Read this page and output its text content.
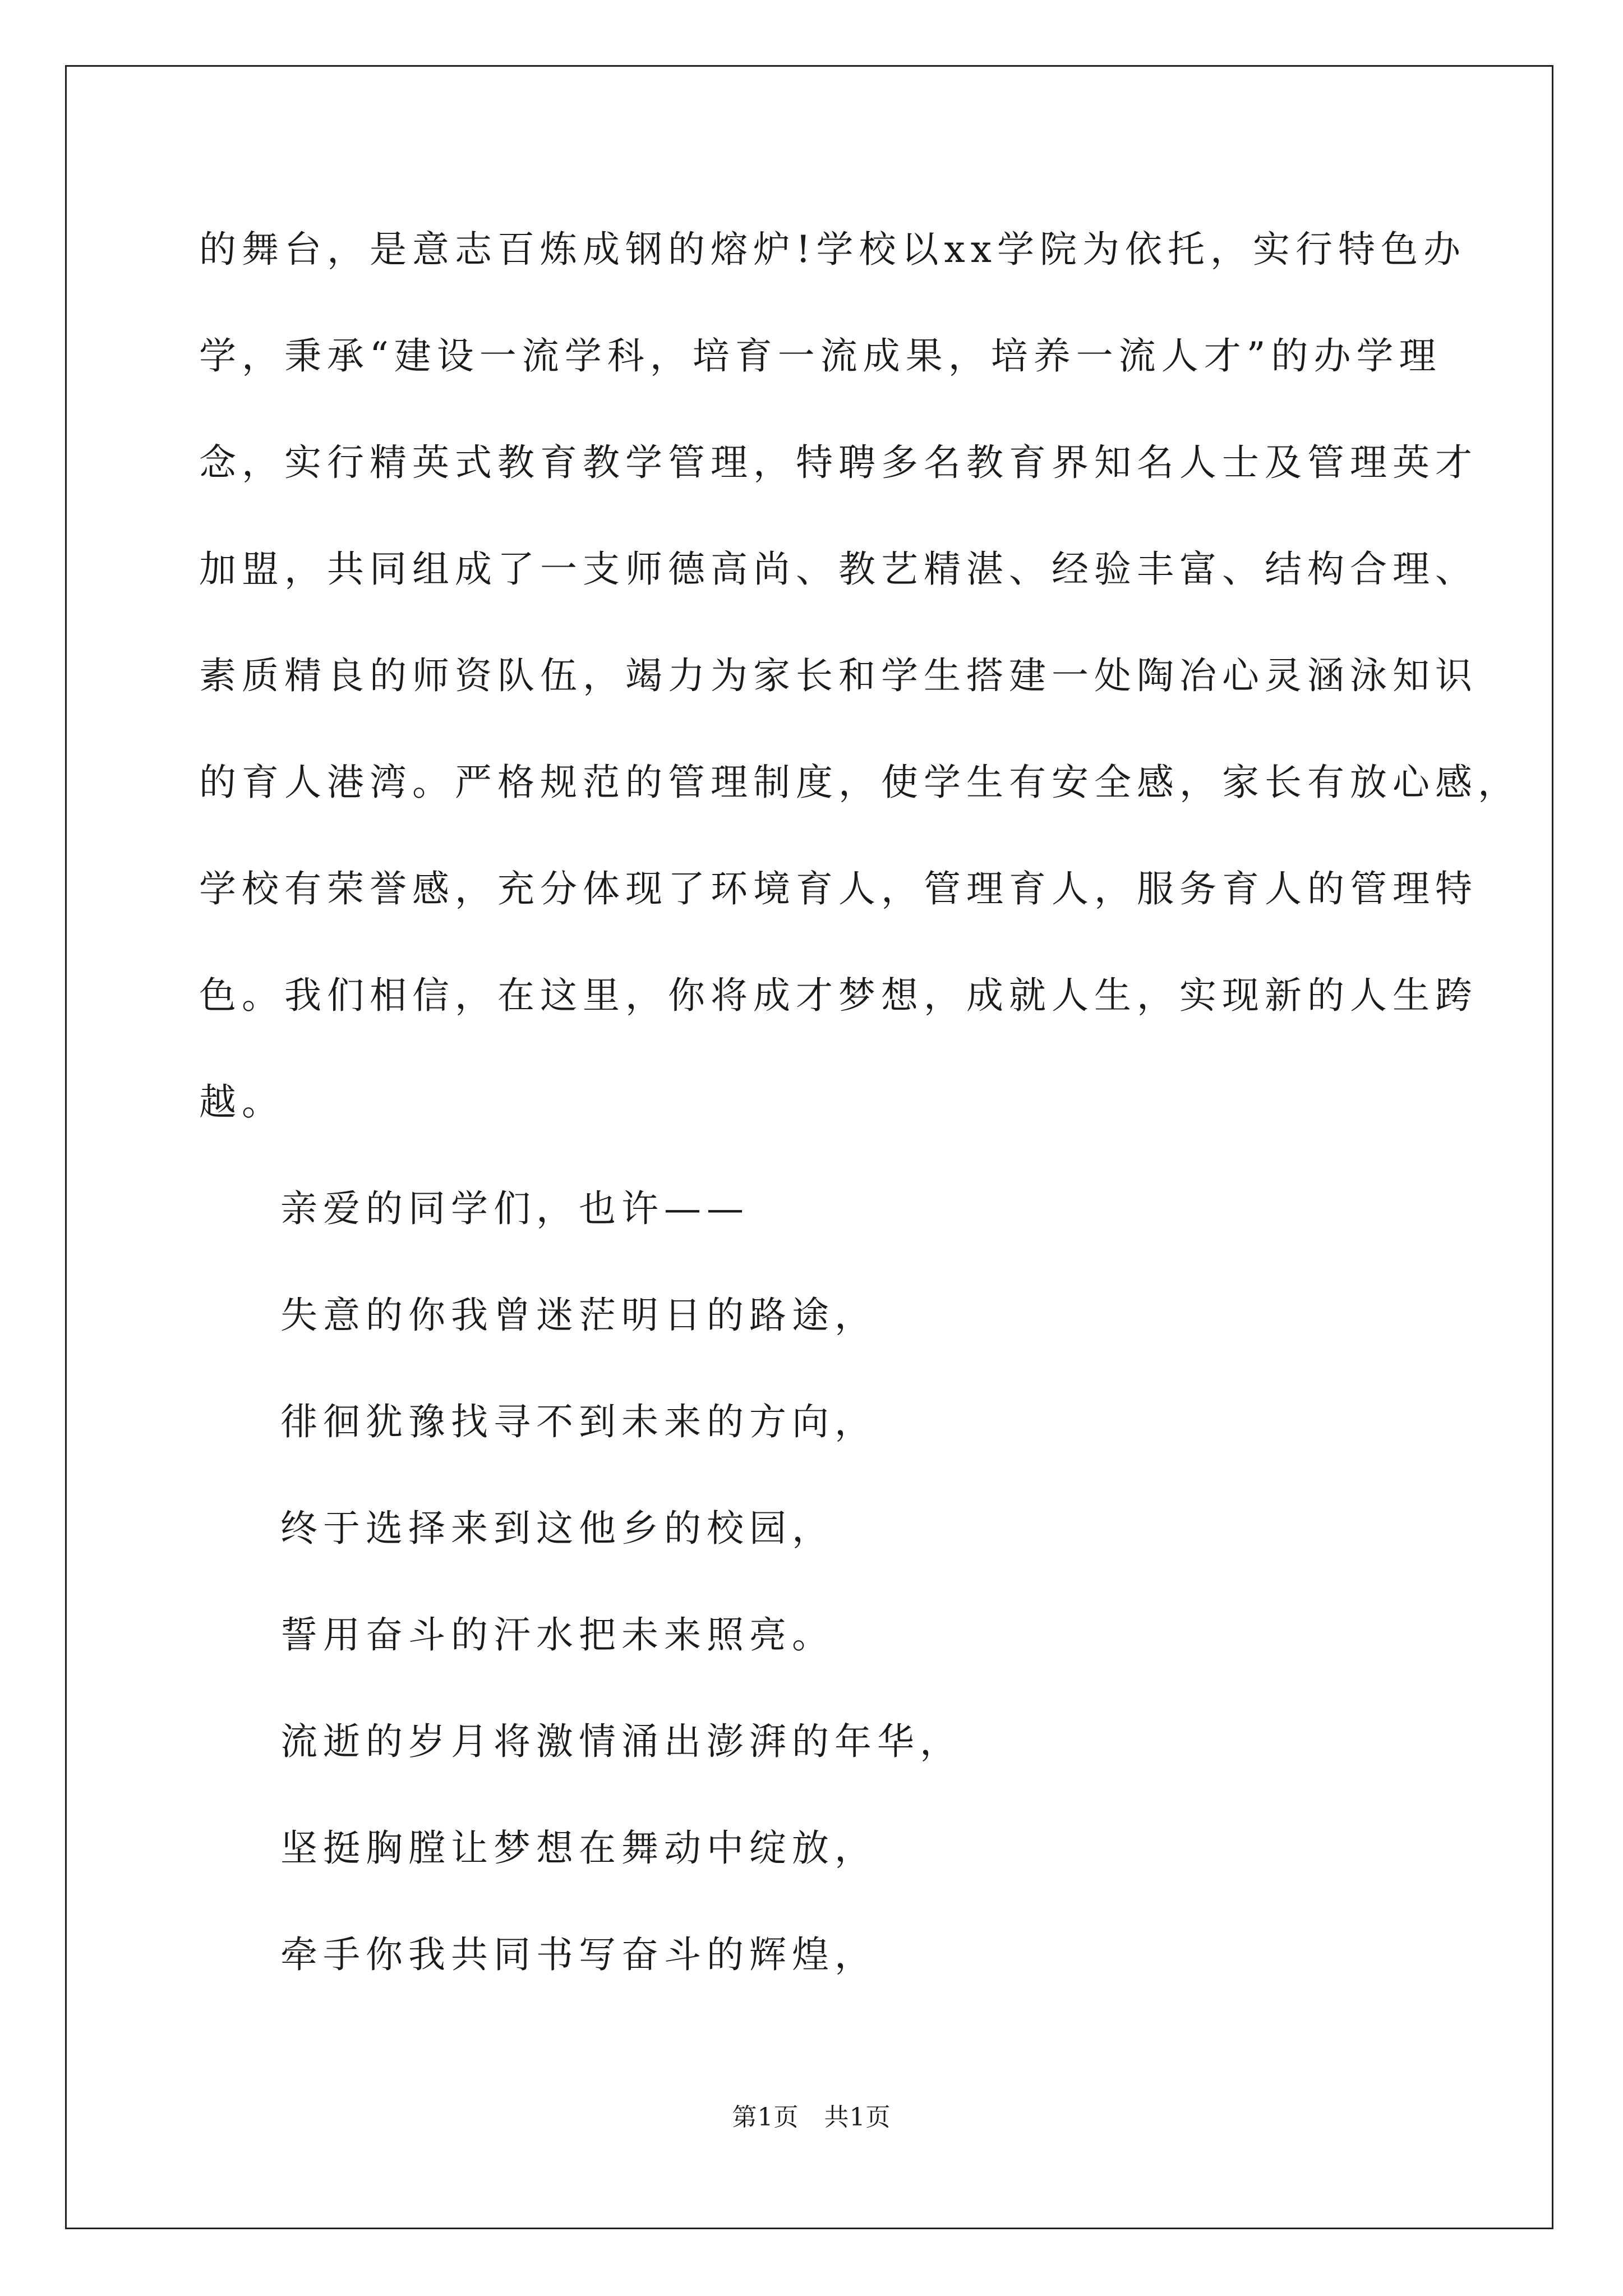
的舞台，是意志百炼成钢的熔炉!学校以xx学院为依托，实行特色办
学，秉承“建设一流学科，培育一流成果，培养一流人才”的办学理
念，实行精英式教育教学管理，特聘多名教育界知名人士及管理英才
加盟，共同组成了一支师德高尚、教艺精湛、经验丰富、结构合理、
素质精良的师资队伍，竭力为家长和学生搭建一处陶冶心灵涵泳知识
的育人港湾。严格规范的管理制度，使学生有安全感，家长有放心感，
学校有荣誉感，充分体现了环境育人，管理育人，服务育人的管理特
色。我们相信，在这里，你将成才梦想，成就人生，实现新的人生跨
越。
亲爱的同学们，也许——
失意的你我曾迷茫明日的路途，
徘徊犹豫找寻不到未来的方向，
终于选择来到这他乡的校园，
誓用奋斗的汗水把未来照亮。
流逝的岁月将激情涌出澎湃的年华，
坚挺胸膛让梦想在舞动中绽放，
牵手你我共同书写奋斗的辉煌，
第1页   共1页
